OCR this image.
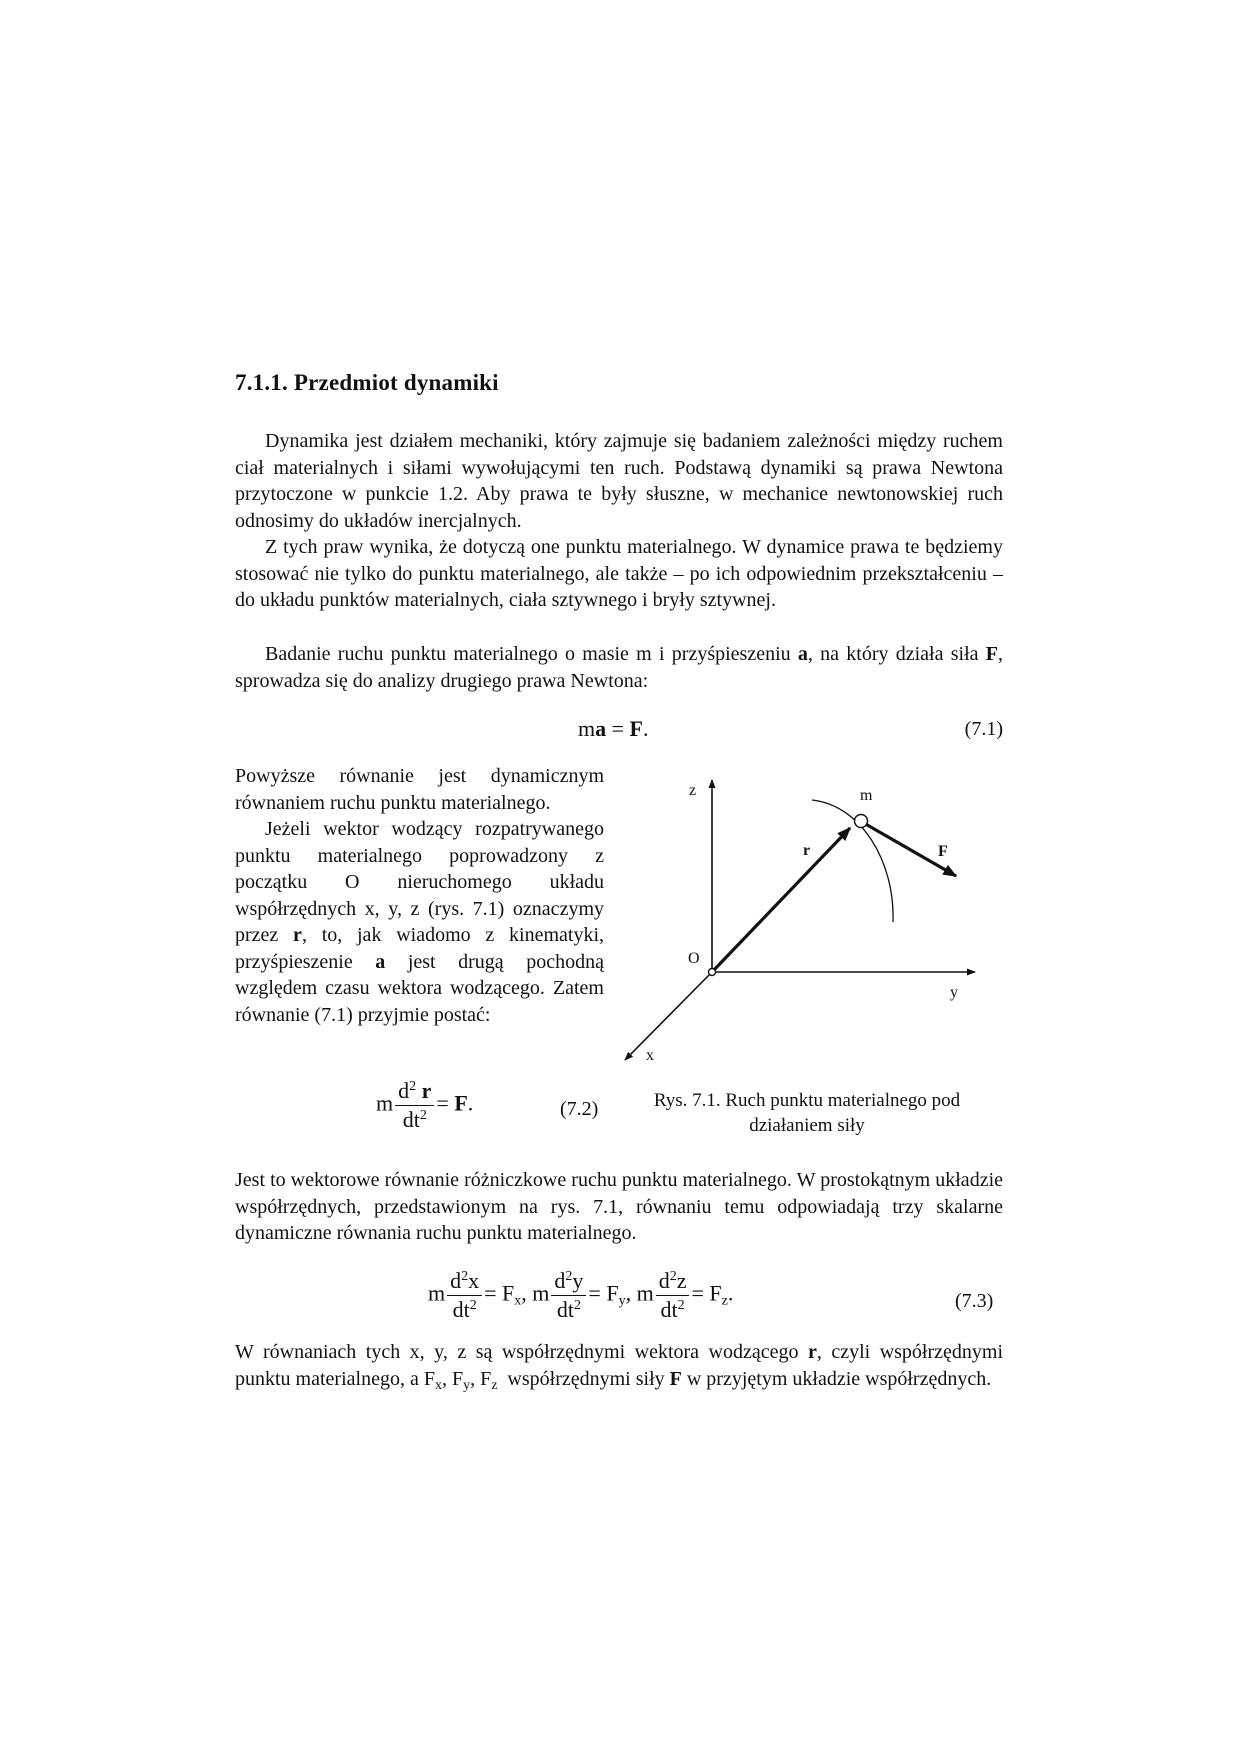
7.1.1. Przedmiot dynamiki

Dynamika jest działem mechaniki, który zajmuje się badaniem zależności między ruchem ciał materialnych i siłami wywołującymi ten ruch. Podstawą dynamiki są prawa Newtona przytoczone w punkcie 1.2. Aby prawa te były słuszne, w mechanice newtonowskiej ruch odnosimy do układów inercjalnych.

Z tych praw wynika, że dotyczą one punktu materialnego. W dynamice prawa te będziemy stosować nie tylko do punktu materialnego, ale także – po ich odpowiednim przekształceniu – do układu punktów materialnych, ciała sztywnego i bryły sztywnej.

Badanie ruchu punktu materialnego o masie m i przyśpieszeniu a, na który działa siła F, sprowadza się do analizy drugiego prawa Newtona:

ma = F.	(7.1)

Powyższe równanie jest dynamicznym równaniem ruchu punktu materialnego.

Jeżeli wektor wodzący rozpatrywanego punktu materialnego poprowadzony z początku O nieruchomego układu współrzędnych x, y, z (rys. 7.1) oznaczymy przez r, to, jak wiadomo z kinematyki, przyśpieszenie a jest drugą pochodną względem czasu wektora wodzącego. Zatem równanie (7.1) przyjmie postać:

z
y
x
O
m
r	F
m $\frac{d^2 r}{dt^2} = F$.	(7.2)	Rys. 7.1. Ruch punktu materialnego pod działaniem siły

Jest to wektorowe równanie różniczkowe ruchu punktu materialnego. W prostokątnym układzie współrzędnych, przedstawionym na rys. 7.1, równaniu temu odpowiadają trzy skalarne dynamiczne równania ruchu punktu materialnego.

m $\frac{d^2x}{dt^2} = F_x$, m $\frac{d^2y}{dt^2} = F_y$, m $\frac{d^2z}{dt^2} = F_z$.	(7.3)

W równaniach tych x, y, z są współrzędnymi wektora wodzącego r, czyli współrzędnymi punktu materialnego, a $F_x$, $F_y$, $F_z$  współrzędnymi siły F w przyjętym układzie współrzędnych.
